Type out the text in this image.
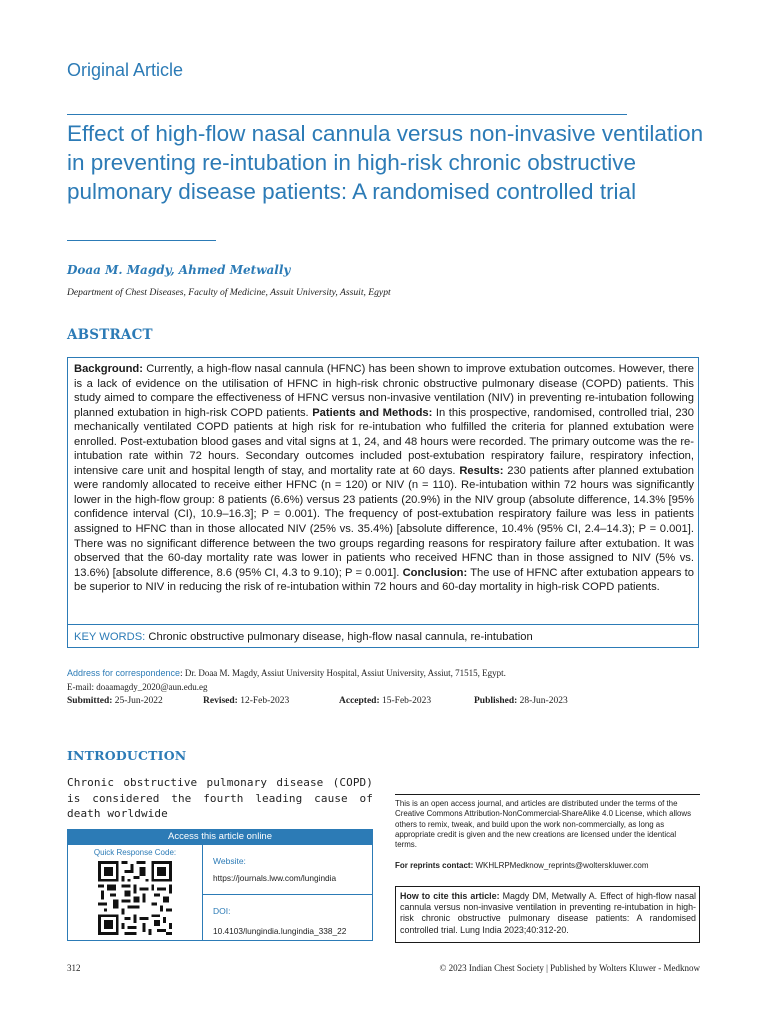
Original Article
Effect of high-flow nasal cannula versus non-invasive ventilation in preventing re-intubation in high-risk chronic obstructive pulmonary disease patients: A randomised controlled trial
Doaa M. Magdy, Ahmed Metwally
Department of Chest Diseases, Faculty of Medicine, Assuit University, Assuit, Egypt
ABSTRACT
Background: Currently, a high-flow nasal cannula (HFNC) has been shown to improve extubation outcomes. However, there is a lack of evidence on the utilisation of HFNC in high-risk chronic obstructive pulmonary disease (COPD) patients. This study aimed to compare the effectiveness of HFNC versus non-invasive ventilation (NIV) in preventing re-intubation following planned extubation in high-risk COPD patients. Patients and Methods: In this prospective, randomised, controlled trial, 230 mechanically ventilated COPD patients at high risk for re-intubation who fulfilled the criteria for planned extubation were enrolled. Post-extubation blood gases and vital signs at 1, 24, and 48 hours were recorded. The primary outcome was the re-intubation rate within 72 hours. Secondary outcomes included post-extubation respiratory failure, respiratory infection, intensive care unit and hospital length of stay, and mortality rate at 60 days. Results: 230 patients after planned extubation were randomly allocated to receive either HFNC (n = 120) or NIV (n = 110). Re-intubation within 72 hours was significantly lower in the high-flow group: 8 patients (6.6%) versus 23 patients (20.9%) in the NIV group (absolute difference, 14.3% [95% confidence interval (CI), 10.9–16.3]; P = 0.001). The frequency of post-extubation respiratory failure was less in patients assigned to HFNC than in those allocated NIV (25% vs. 35.4%) [absolute difference, 10.4% (95% CI, 2.4–14.3); P = 0.001]. There was no significant difference between the two groups regarding reasons for respiratory failure after extubation. It was observed that the 60-day mortality rate was lower in patients who received HFNC than in those assigned to NIV (5% vs. 13.6%) [absolute difference, 8.6 (95% CI, 4.3 to 9.10); P = 0.001]. Conclusion: The use of HFNC after extubation appears to be superior to NIV in reducing the risk of re-intubation within 72 hours and 60-day mortality in high-risk COPD patients.
KEY WORDS: Chronic obstructive pulmonary disease, high-flow nasal cannula, re-intubation
Address for correspondence: Dr. Doaa M. Magdy, Assiut University Hospital, Assiut University, Assiut, 71515, Egypt.
E-mail: doaamagdy_2020@aun.edu.eg
Submitted: 25-Jun-2022	Revised: 12-Feb-2023	Accepted: 15-Feb-2023	Published: 28-Jun-2023
INTRODUCTION
Chronic obstructive pulmonary disease (COPD) is considered the fourth leading cause of death worldwide
Access this article online
Quick Response Code:
Website:
https://journals.lww.com/lungindia
DOI:
10.4103/lungindia.lungindia_338_22
This is an open access journal, and articles are distributed under the terms of the Creative Commons Attribution-NonCommercial-ShareAlike 4.0 License, which allows others to remix, tweak, and build upon the work non-commercially, as long as appropriate credit is given and the new creations are licensed under the identical terms.
For reprints contact: WKHLRPMedknow_reprints@wolterskluwer.com
How to cite this article: Magdy DM, Metwally A. Effect of high-flow nasal cannula versus non-invasive ventilation in preventing re-intubation in high-risk chronic obstructive pulmonary disease patients: A randomised controlled trial. Lung India 2023;40:312-20.
312	© 2023 Indian Chest Society | Published by Wolters Kluwer - Medknow
